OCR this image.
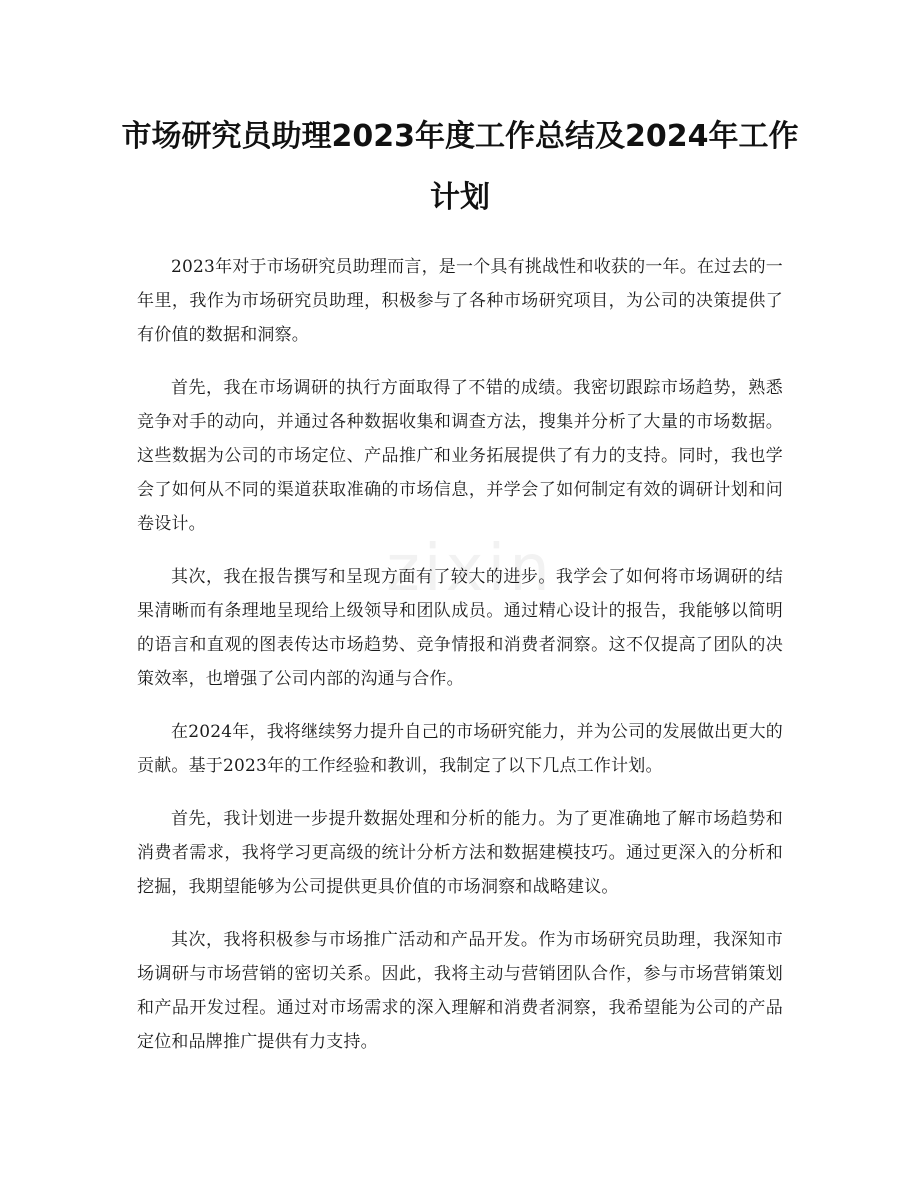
市场研究员助理2023年度工作总结及2024年工作计划

2023年对于市场研究员助理而言，是一个具有挑战性和收获的一年。在过去的一年里，我作为市场研究员助理，积极参与了各种市场研究项目，为公司的决策提供了有价值的数据和洞察。

首先，我在市场调研的执行方面取得了不错的成绩。我密切跟踪市场趋势，熟悉竞争对手的动向，并通过各种数据收集和调查方法，搜集并分析了大量的市场数据。这些数据为公司的市场定位、产品推广和业务拓展提供了有力的支持。同时，我也学会了如何从不同的渠道获取准确的市场信息，并学会了如何制定有效的调研计划和问卷设计。

其次，我在报告撰写和呈现方面有了较大的进步。我学会了如何将市场调研的结果清晰而有条理地呈现给上级领导和团队成员。通过精心设计的报告，我能够以简明的语言和直观的图表传达市场趋势、竞争情报和消费者洞察。这不仅提高了团队的决策效率，也增强了公司内部的沟通与合作。

在2024年，我将继续努力提升自己的市场研究能力，并为公司的发展做出更大的贡献。基于2023年的工作经验和教训，我制定了以下几点工作计划。

首先，我计划进一步提升数据处理和分析的能力。为了更准确地了解市场趋势和消费者需求，我将学习更高级的统计分析方法和数据建模技巧。通过更深入的分析和挖掘，我期望能够为公司提供更具价值的市场洞察和战略建议。

其次，我将积极参与市场推广活动和产品开发。作为市场研究员助理，我深知市场调研与市场营销的密切关系。因此，我将主动与营销团队合作，参与市场营销策划和产品开发过程。通过对市场需求的深入理解和消费者洞察，我希望能为公司的产品定位和品牌推广提供有力支持。

zixin
